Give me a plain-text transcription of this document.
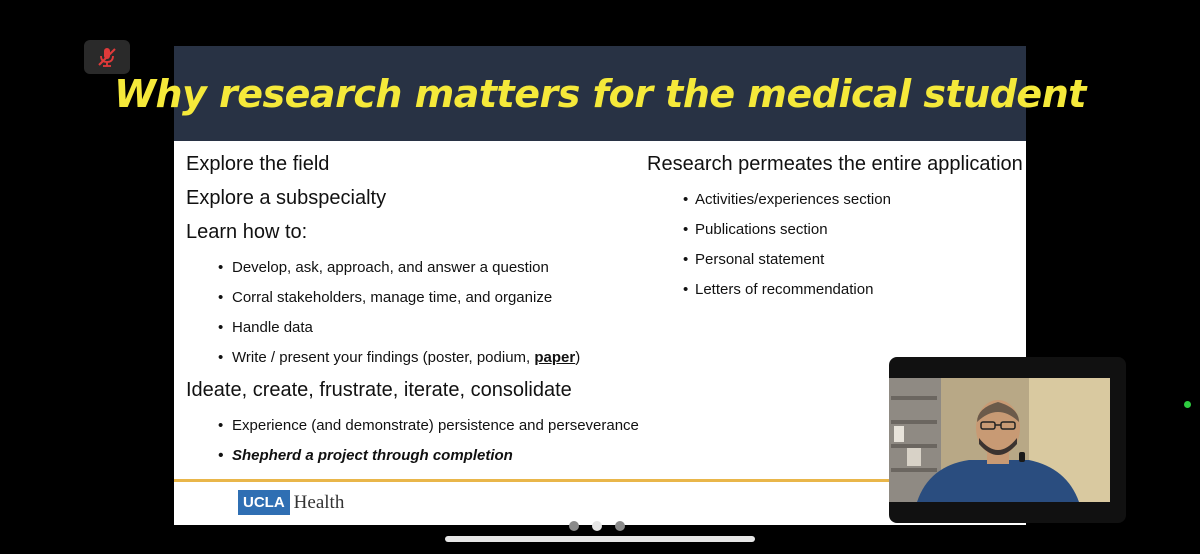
Why research matters for the medical student
Explore the field
Explore a subspecialty
Learn how to:
• Develop, ask, approach, and answer a question
• Corral stakeholders, manage time, and organize
• Handle data
• Write / present your findings (poster, podium, paper)
Ideate, create, frustrate, iterate, consolidate
• Experience (and demonstrate) persistence and perseverance
• Shepherd a project through completion
Research permeates the entire application
• Activities/experiences section
• Publications section
• Personal statement
• Letters of recommendation
UCLA Health
